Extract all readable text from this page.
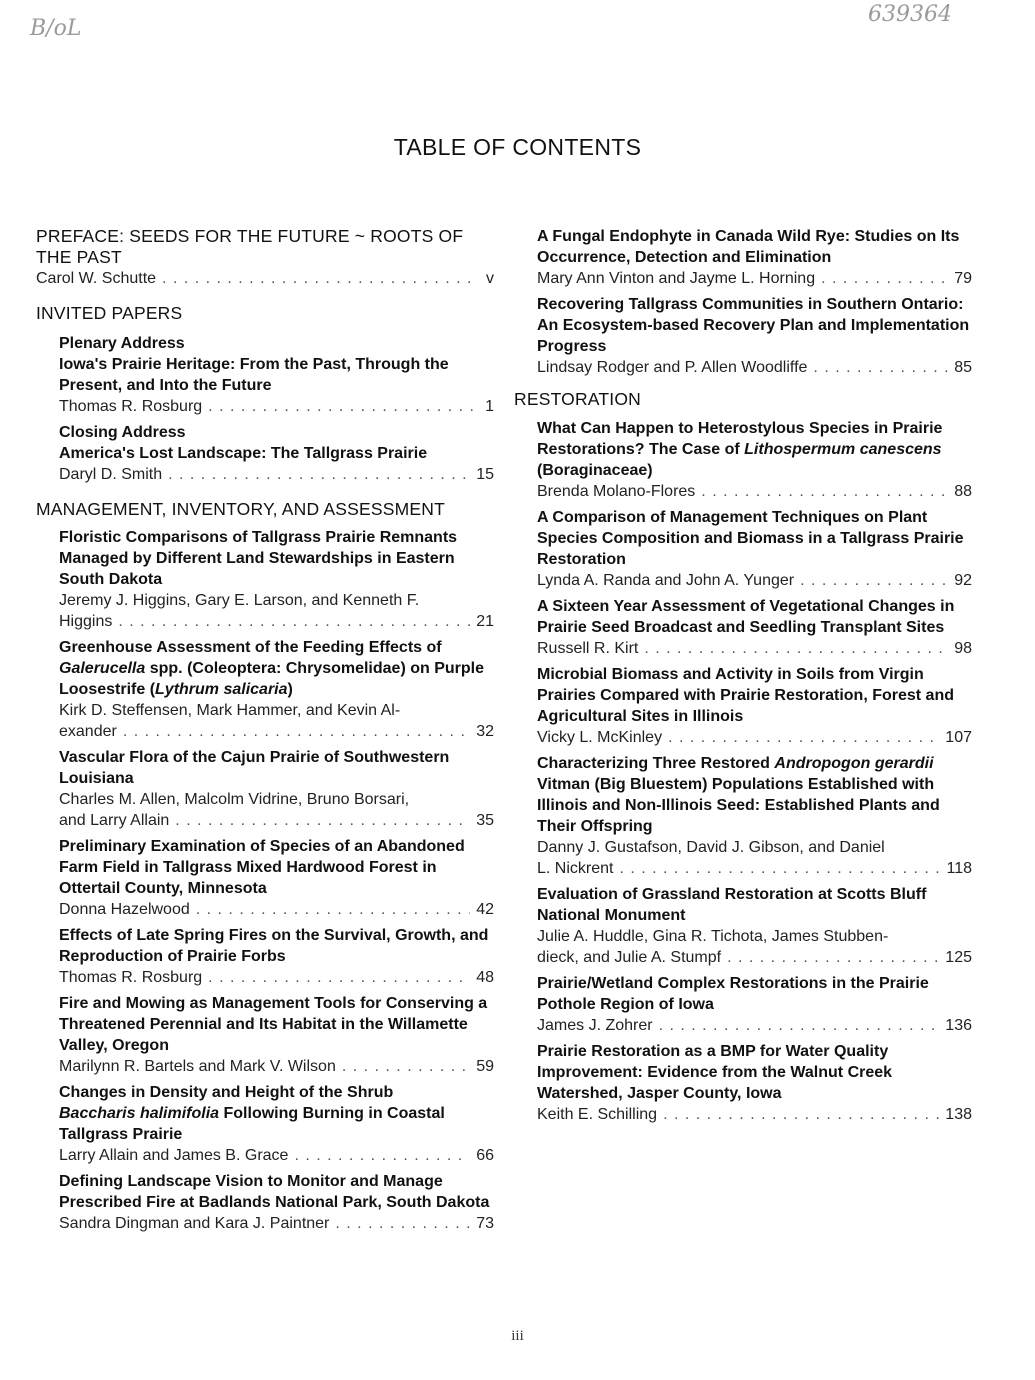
B/oL
639364
TABLE OF CONTENTS
PREFACE: SEEDS FOR THE FUTURE ~ ROOTS OF THE PAST
Carol W. Schutte . . .	v
INVITED PAPERS
Plenary Address
Iowa's Prairie Heritage: From the Past, Through the Present, and Into the Future
Thomas R. Rosburg . . .	1
Closing Address
America's Lost Landscape: The Tallgrass Prairie
Daryl D. Smith . . .	15
MANAGEMENT, INVENTORY, AND ASSESSMENT
Floristic Comparisons of Tallgrass Prairie Remnants Managed by Different Land Stewardships in Eastern South Dakota
Jeremy J. Higgins, Gary E. Larson, and Kenneth F.
Higgins . . .	21
Greenhouse Assessment of the Feeding Effects of
Galerucella spp. (Coleoptera: Chrysomelidae) on Purple Loosestrife (Lythrum salicaria)
Kirk D. Steffensen, Mark Hammer, and Kevin Al-
exander . . .	32
Vascular Flora of the Cajun Prairie of Southwestern Louisiana
Charles M. Allen, Malcolm Vidrine, Bruno Borsari,
and Larry Allain . . .	35
Preliminary Examination of Species of an Abandoned Farm Field in Tallgrass Mixed Hardwood Forest in Ottertail County, Minnesota
Donna Hazelwood . . .	42
Effects of Late Spring Fires on the Survival, Growth, and Reproduction of Prairie Forbs
Thomas R. Rosburg . . .	48
Fire and Mowing as Management Tools for Conserving a Threatened Perennial and Its Habitat in the Willamette Valley, Oregon
Marilynn R. Bartels and Mark V. Wilson . . .	59
Changes in Density and Height of the Shrub
Baccharis halimifolia Following Burning in Coastal Tallgrass Prairie
Larry Allain and James B. Grace . . .	66
Defining Landscape Vision to Monitor and Manage Prescribed Fire at Badlands National Park, South Dakota
Sandra Dingman and Kara J. Paintner . . .	73
A Fungal Endophyte in Canada Wild Rye: Studies on Its Occurrence, Detection and Elimination
Mary Ann Vinton and Jayme L. Horning . . .	79
Recovering Tallgrass Communities in Southern Ontario: An Ecosystem-based Recovery Plan and Implementation Progress
Lindsay Rodger and P. Allen Woodliffe . . .	85
RESTORATION
What Can Happen to Heterostylous Species in Prairie Restorations? The Case of Lithospermum canescens (Boraginaceae)
Brenda Molano-Flores . . .	88
A Comparison of Management Techniques on Plant Species Composition and Biomass in a Tallgrass Prairie Restoration
Lynda A. Randa and John A. Yunger . . .	92
A Sixteen Year Assessment of Vegetational Changes in Prairie Seed Broadcast and Seedling Transplant Sites
Russell R. Kirt . . .	98
Microbial Biomass and Activity in Soils from Virgin Prairies Compared with Prairie Restoration, Forest and Agricultural Sites in Illinois
Vicky L. McKinley . . .	107
Characterizing Three Restored Andropogon gerardii Vitman (Big Bluestem) Populations Established with Illinois and Non-Illinois Seed: Established Plants and Their Offspring
Danny J. Gustafson, David J. Gibson, and Daniel
L. Nickrent . . .	118
Evaluation of Grassland Restoration at Scotts Bluff National Monument
Julie A. Huddle, Gina R. Tichota, James Stubben-
dieck, and Julie A. Stumpf . . .	125
Prairie/Wetland Complex Restorations in the Prairie Pothole Region of Iowa
James J. Zohrer . . .	136
Prairie Restoration as a BMP for Water Quality Improvement: Evidence from the Walnut Creek Watershed, Jasper County, Iowa
Keith E. Schilling . . .	138
iii
